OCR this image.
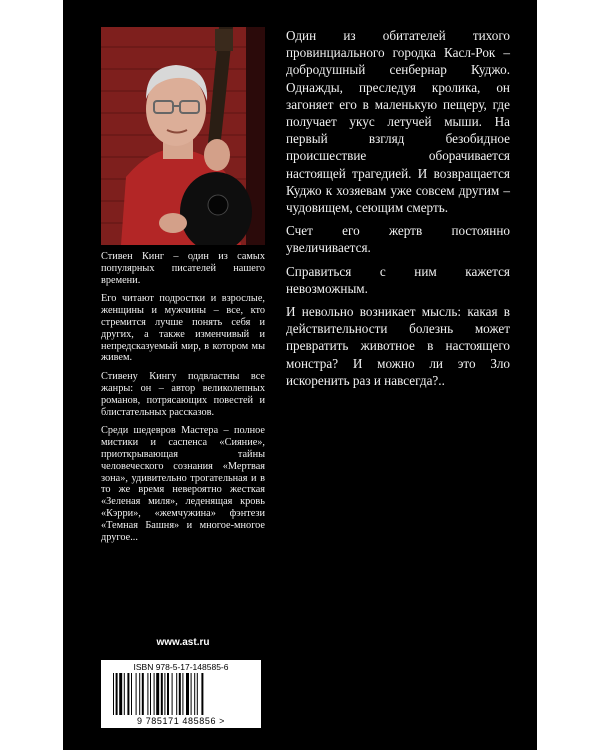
Стивен Кинг – один из самых популярных писателей нашего времени.

Его читают подростки и взрослые, женщины и мужчины – все, кто стремится лучше понять себя и других, а также изменчивый и непредсказуемый мир, в котором мы живем.

Стивену Кингу подвластны все жанры: он – автор великолепных романов, потрясающих повестей и блистательных рассказов.

Среди шедевров Мастера – полное мистики и саспенса «Сияние», приоткрывающая тайны человеческого сознания «Мертвая зона», удивительно трогательная и в то же время невероятно жесткая «Зеленая миля», леденящая кровь «Кэрри», «жемчужина» фэнтези «Темная Башня» и многое-многое другое...

Один из обитателей тихого провинциального городка Касл-Рок – добродушный сенбернар Куджо. Однажды, преследуя кролика, он загоняет его в маленькую пещеру, где получает укус летучей мыши. На первый взгляд безобидное происшествие оборачивается настоящей трагедией. И возвращается Куджо к хозяевам уже совсем другим – чудовищем, сеющим смерть.

Счет его жертв постоянно увеличивается.

Справиться с ним кажется невозможным.

И невольно возникает мысль: какая в действительности болезнь может превратить животное в настоящего монстра? И можно ли это Зло искоренить раз и навсегда?..

www.ast.ru
ISBN 978-5-17-148585-6
9 785171 485856 >
